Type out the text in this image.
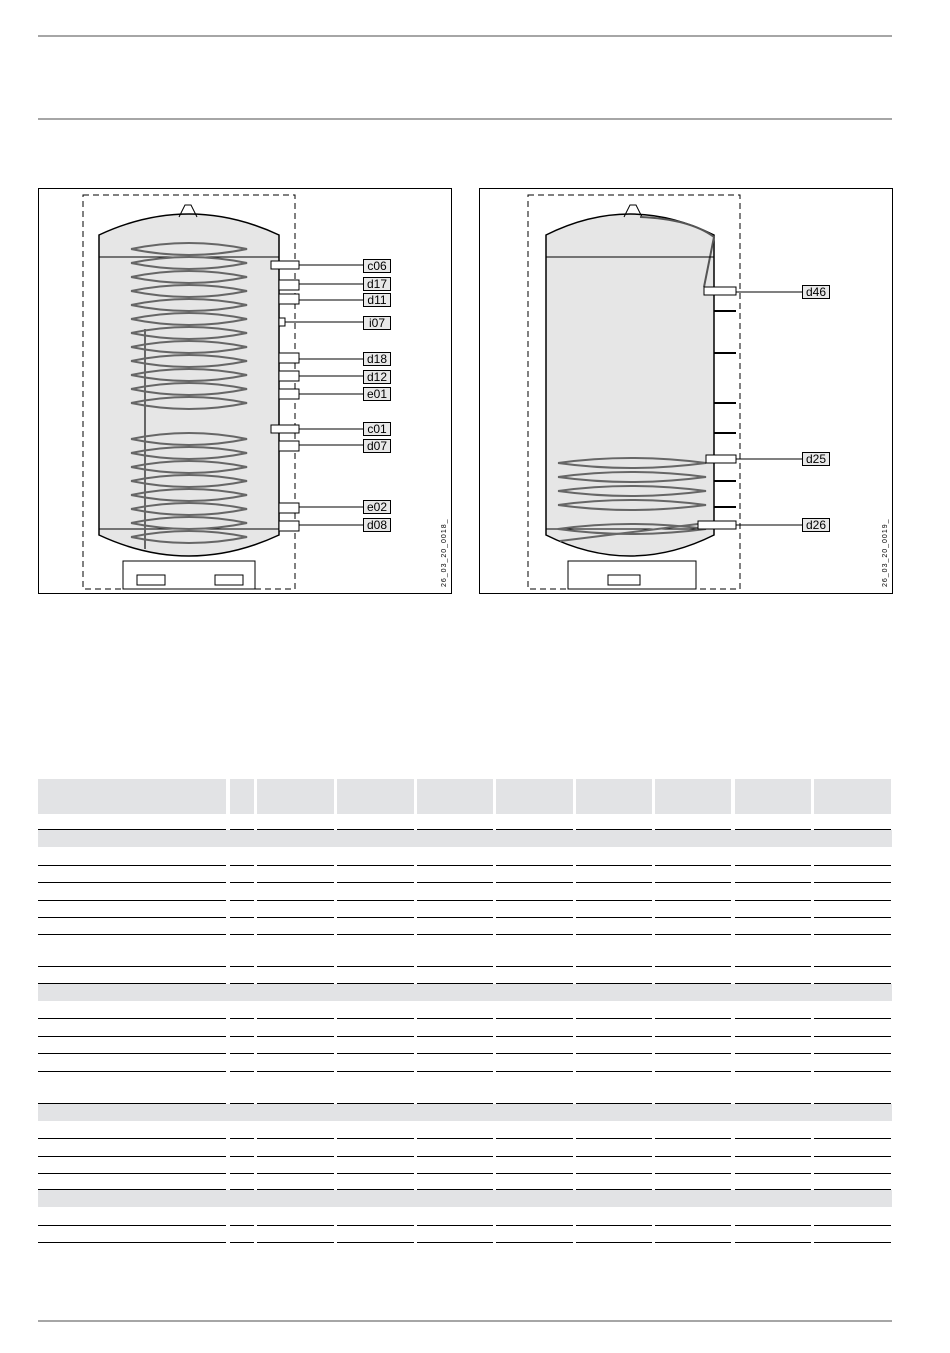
c06
d17
d11
i07
d18
d12
e01
c01
d07
e02
d08	26_03_20_0018_
d46
d25
d26	26_03_20_0019_
